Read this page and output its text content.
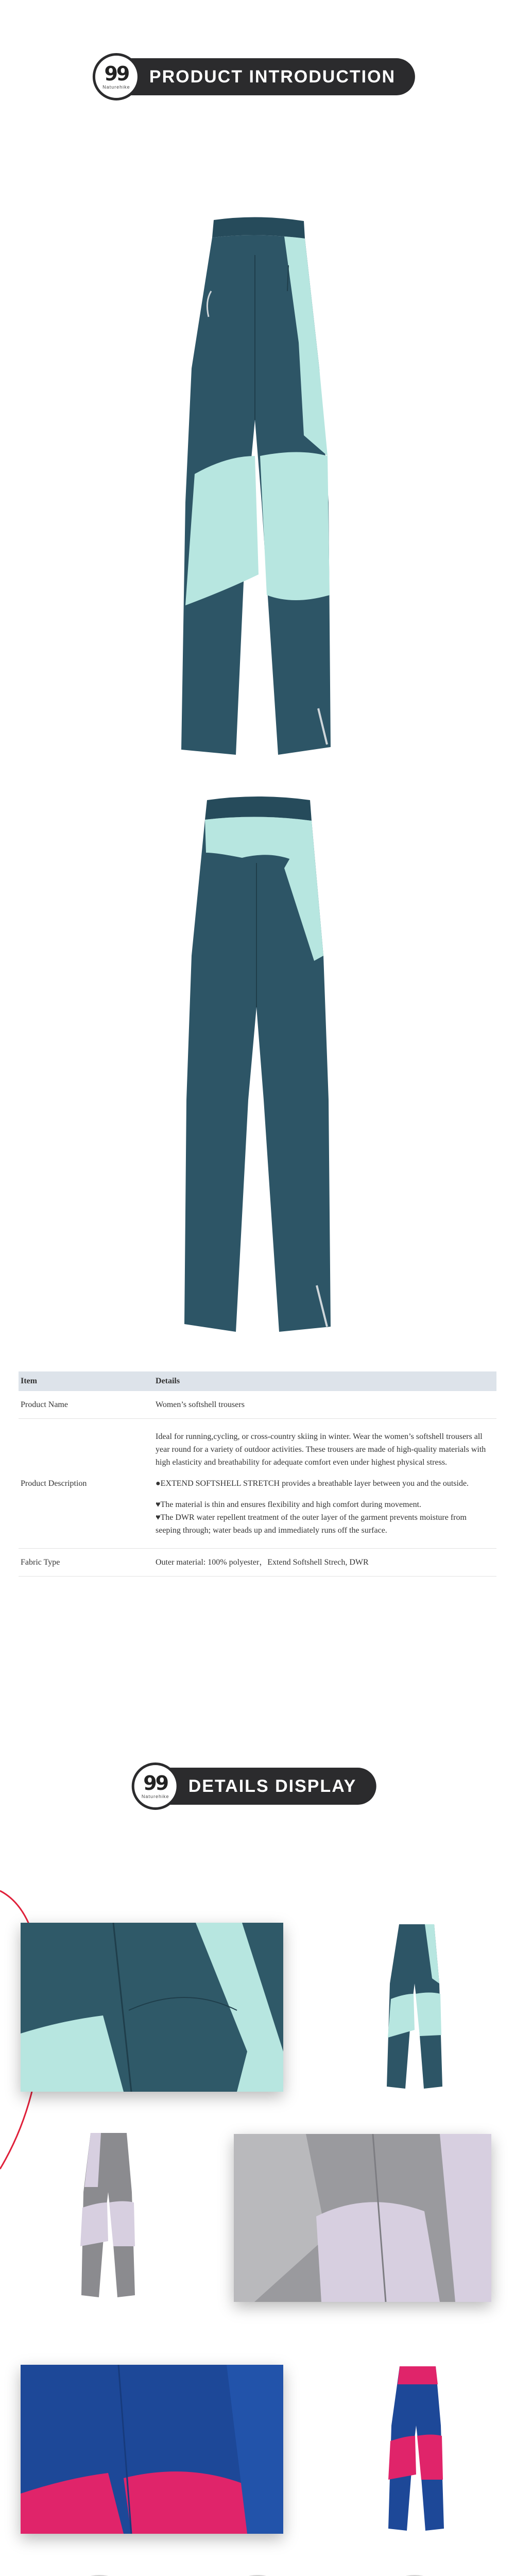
99
Naturehike
PRODUCT INTRODUCTION
Item	Details
Product Name	Women’s softshell trousers
Product Description	Ideal for running,cycling, or cross-country skiing in winter. Wear the women’s softshell trousers all year round for a variety of outdoor activities. These trousers are made of high-quality materials with high elasticity and breathability for adequate comfort even under highest physical stress.

●EXTEND SOFTSHELL STRETCH provides a breathable layer between you and the outside.

♥The material is thin and ensures flexibility and high comfort during movement.

♥The DWR water repellent treatment of the outer layer of the garment prevents moisture from seeping through; water beads up and immediately runs off the surface.

Fabric Type	Outer material: 100% polyester，Extend Softshell Strech, DWR
99
Naturehike
DETAILS DISPLAY
